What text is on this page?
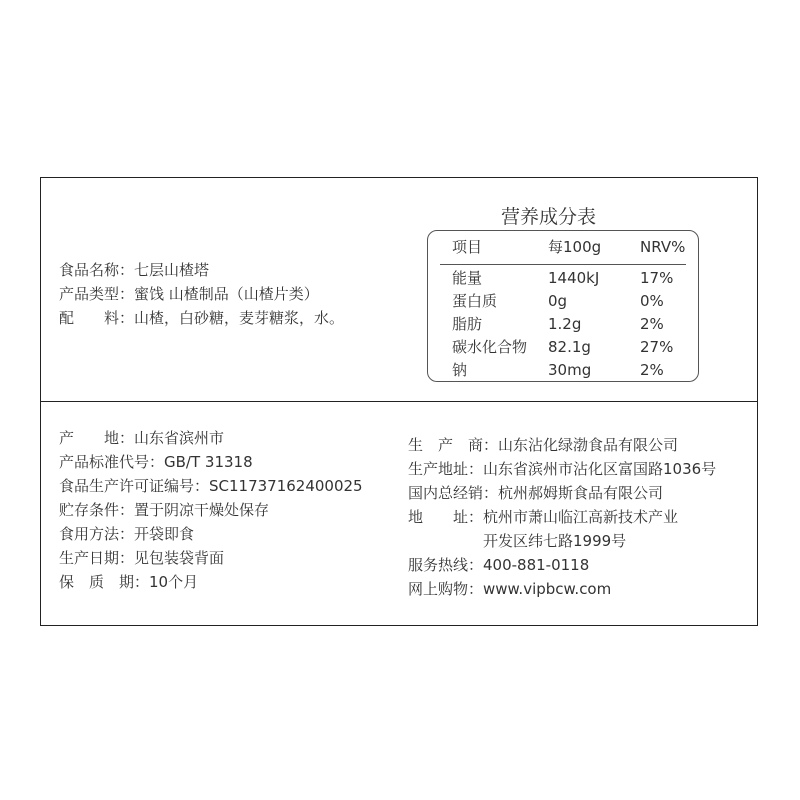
食品名称：七层山楂塔
产品类型：蜜饯 山楂制品（山楂片类）
配　　料：山楂，白砂糖，麦芽糖浆，水。
营养成分表
项目	每100g	NRV%
能量	1440kJ	17%
蛋白质	0g	0%
脂肪	1.2g	2%
碳水化合物 82.1g	27%
钠	30mg	2%
产　　地：山东省滨州市
产品标准代号：GB/T 31318
食品生产许可证编号：SC11737162400025
贮存条件：置于阴凉干燥处保存
食用方法：开袋即食
生产日期：见包装袋背面
保　质　期：10个月
生　产　商：山东沾化绿渤食品有限公司
生产地址：山东省滨州市沾化区富国路1036号
国内总经销：杭州郝姆斯食品有限公司
地　　址：杭州市萧山临江高新技术产业
　　　　　开发区纬七路1999号
服务热线：400-881-0118
网上购物：www.vipbcw.com
